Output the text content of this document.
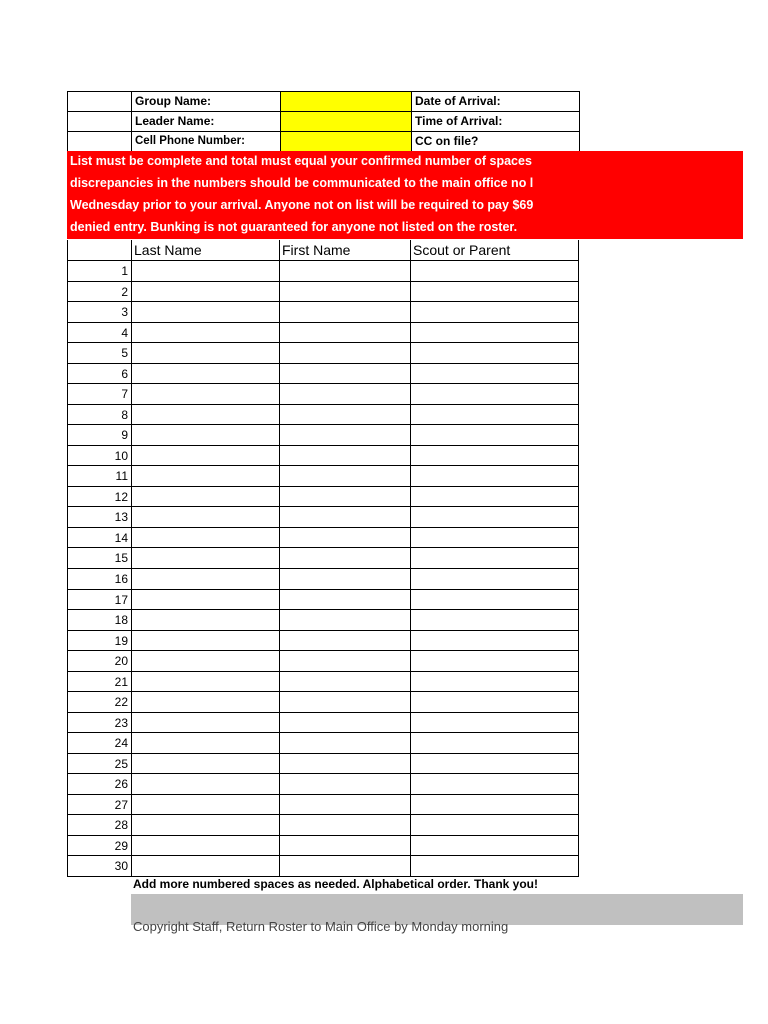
Group Name:	Date of Arrival:
Leader Name:	Time of Arrival:
Cell Phone Number:	CC on file?
List must be complete and total must equal your confirmed number of spaces
discrepancies in the numbers should be communicated to the main office no l
Wednesday prior to your arrival. Anyone not on list will be required to pay $69
denied entry. Bunking is not guaranteed for anyone not listed on the roster.
Last Name	First Name	Scout or Parent
1
2
3
4
5
6
7
8
9
10
11
12
13
14
15
16
17
18
19
20
21
22
23
24
25
26
27
28
29
30
Add more numbered spaces as needed. Alphabetical order. Thank you!
Copyright Staff, Return Roster to Main Office by Monday morning
